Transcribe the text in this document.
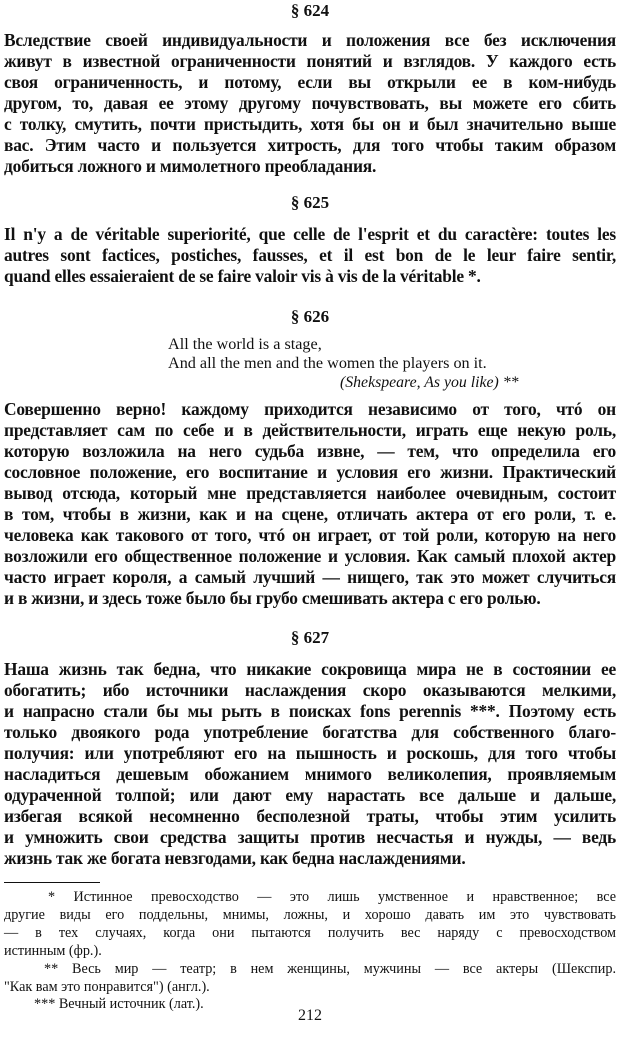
§ 624
Вследствие своей индивидуальности и положения все без исключения
живут в известной ограниченности понятий и взглядов. У каждого есть
своя ограниченность, и потому, если вы открыли ее в ком-нибудь
другом, то, давая ее этому другому почувствовать, вы можете его сбить
с толку, смутить, почти пристыдить, хотя бы он и был значительно выше
вас. Этим часто и пользуется хитрость, для того чтобы таким образом
добиться ложного и мимолетного преобладания.
§ 625
Il n'y a de véritable superiorité, que celle de l'esprit et du caractère: toutes les
autres sont factices, postiches, fausses, et il est bon de le leur faire sentir,
quand elles essaieraient de se faire valoir vis à vis de la véritable *.
§ 626
All the world is a stage,
And all the men and the women the players on it.
(Shekspeare, As you like) **
Совершенно верно! каждому приходится независимо от того, чтó он
представляет сам по себе и в действительности, играть еще некую роль,
которую возложила на него судьба извне, — тем, что определила его
сословное положение, его воспитание и условия его жизни. Практический
вывод отсюда, который мне представляется наиболее очевидным, состоит
в том, чтобы в жизни, как и на сцене, отличать актера от его роли, т. е.
человека как такового от того, чтó он играет, от той роли, которую на него
возложили его общественное положение и условия. Как самый плохой актер
часто играет короля, а самый лучший — нищего, так это может случиться
и в жизни, и здесь тоже было бы грубо смешивать актера с его ролью.
§ 627
Наша жизнь так бедна, что никакие сокровища мира не в состоянии ее
обогатить; ибо источники наслаждения скоро оказываются мелкими,
и напрасно стали бы мы рыть в поисках fons perennis ***. Поэтому есть
только двоякого рода употребление богатства для собственного благо-
получия: или употребляют его на пышность и роскошь, для того чтобы
насладиться дешевым обожанием мнимого великолепия, проявляемым
одураченной толпой; или дают ему нарастать все дальше и дальше,
избегая всякой несомненно бесполезной траты, чтобы этим усилить
и умножить свои средства защиты против несчастья и нужды, — ведь
жизнь так же богата невзгодами, как бедна наслаждениями.
* Истинное превосходство — это лишь умственное и нравственное; все
другие виды его поддельны, мнимы, ложны, и хорошо давать им это чувствовать
— в тех случаях, когда они пытаются получить вес наряду с превосходством
истинным (фр.).
** Весь мир — театр; в нем женщины, мужчины — все актеры (Шекспир.
"Как вам это понравится") (англ.).
*** Вечный источник (лат.).
212
